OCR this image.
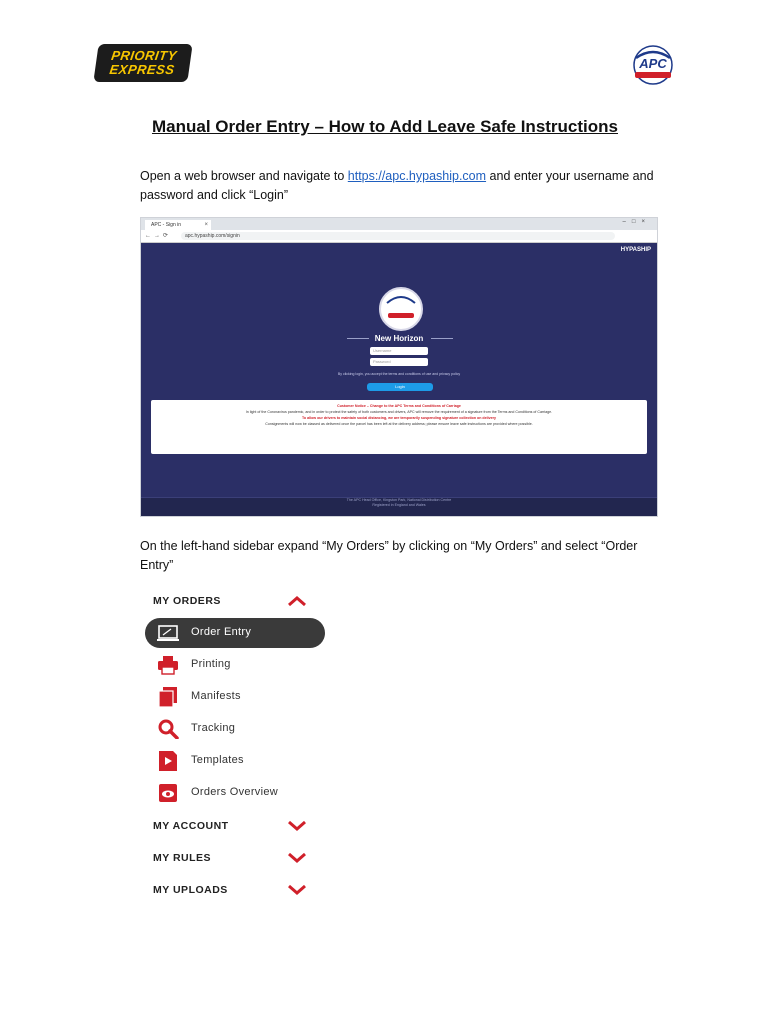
PRIORITY
EXPRESS	APC
Manual Order Entry – How to Add Leave Safe Instructions
Open a web browser and navigate to https://apc.hypaship.com and enter your username and password and click “Login”
APC - Sign in	×	–□×
←→⟳	apc.hypaship.com/signin
HYPASHIP
New Horizon
Username
Password
By clicking login, you accept the terms and conditions of use and privacy policy
Login
Customer Notice – Change to the APC Terms and Conditions of Carriage
In light of the Coronavirus pandemic, and in order to protect the safety of both customers and drivers, APC will remove the requirement of a signature from the Terms and Conditions of Carriage.
To allow our drivers to maintain social distancing, we are temporarily suspending signature collection on delivery
Consignments will now be classed as delivered once the parcel has been left at the delivery address; please ensure leave safe instructions are provided where possible.
The APC Head Office, Kingston Park, National Distribution Centre
Registered in England and Wales
On the left-hand sidebar expand “My Orders” by clicking on “My Orders” and select “Order Entry”
MY ORDERS
Order Entry
Printing
Manifests
Tracking
Templates
Orders Overview
MY ACCOUNT
MY RULES
MY UPLOADS
